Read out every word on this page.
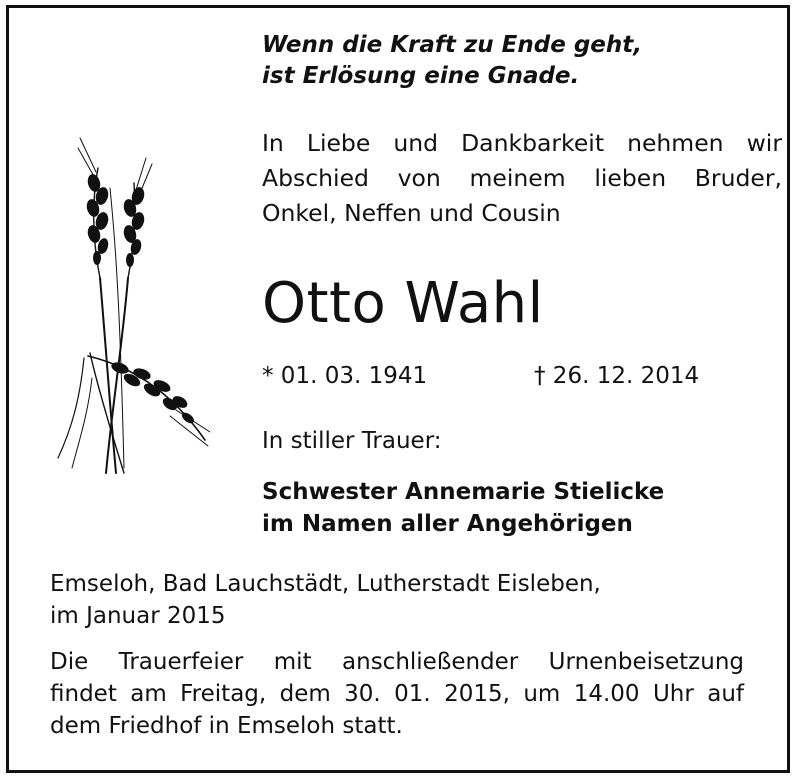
Wenn die Kraft zu Ende geht,
ist Erlösung eine Gnade.
In Liebe und Dankbarkeit nehmen wir
Abschied von meinem lieben Bruder,
Onkel, Neffen und Cousin
Otto Wahl
* 01. 03. 1941	† 26. 12. 2014
In stiller Trauer:
Schwester Annemarie Stielicke
im Namen aller Angehörigen
Emseloh, Bad Lauchstädt, Lutherstadt Eisleben,
im Januar 2015
Die Trauerfeier mit anschließender Urnenbeisetzung
findet am Freitag, dem 30. 01. 2015, um 14.00 Uhr auf
dem Friedhof in Emseloh statt.
